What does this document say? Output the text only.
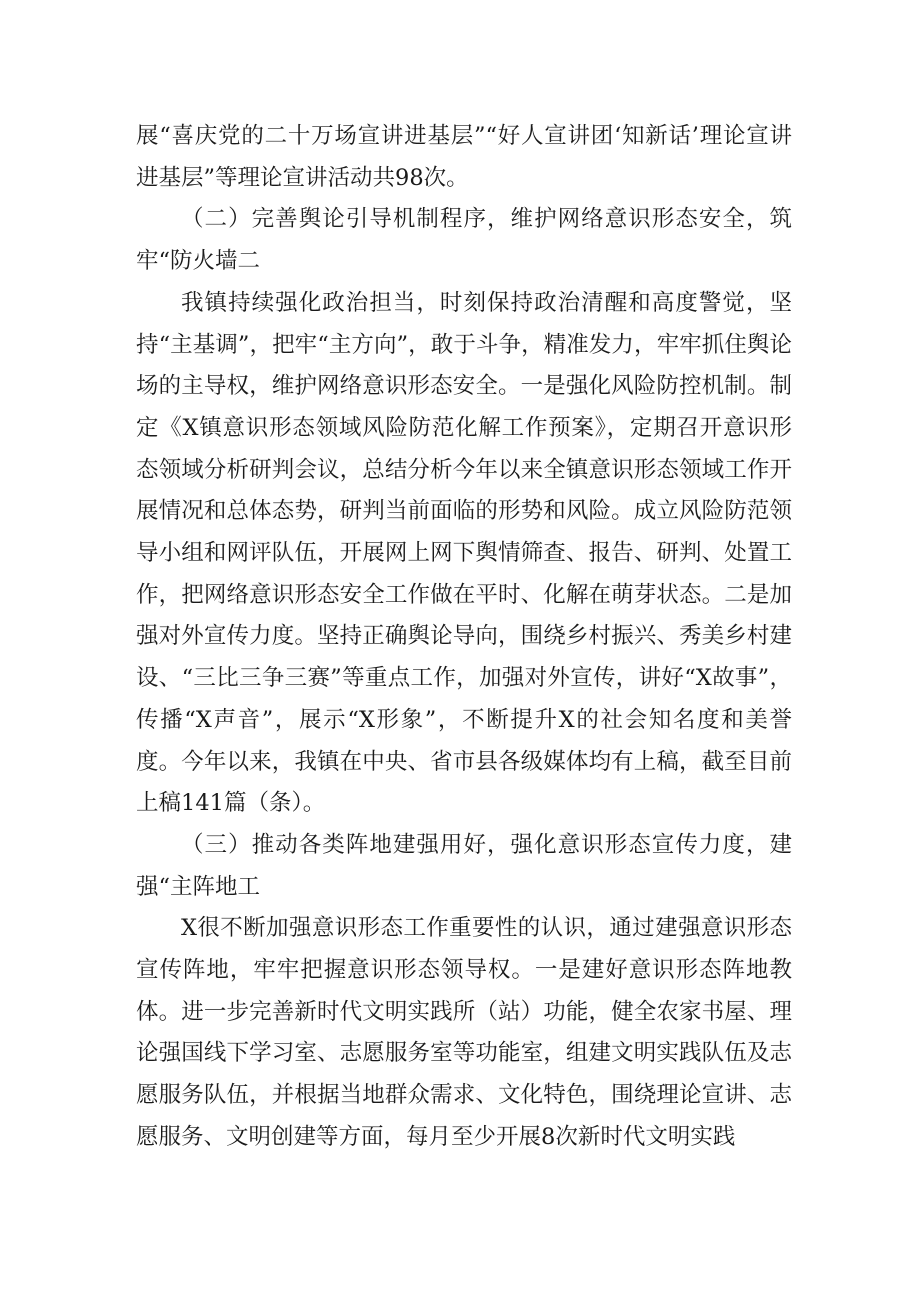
展“喜庆党的二十万场宣讲进基层”“好人宣讲团‘知新话’理论宣讲进基层”等理论宣讲活动共98次。

（二）完善舆论引导机制程序，维护网络意识形态安全，筑牢“防火墙二

我镇持续强化政治担当，时刻保持政治清醒和高度警觉，坚持“主基调”，把牢“主方向”，敢于斗争，精准发力，牢牢抓住舆论场的主导权，维护网络意识形态安全。一是强化风险防控机制。制定《X镇意识形态领域风险防范化解工作预案》，定期召开意识形态领域分析研判会议，总结分析今年以来全镇意识形态领域工作开展情况和总体态势，研判当前面临的形势和风险。成立风险防范领导小组和网评队伍，开展网上网下舆情筛查、报告、研判、处置工作，把网络意识形态安全工作做在平时、化解在萌芽状态。二是加强对外宣传力度。坚持正确舆论导向，围绕乡村振兴、秀美乡村建设、“三比三争三赛”等重点工作，加强对外宣传，讲好“X故事”，传播“X声音”，展示“X形象”，不断提升X的社会知名度和美誉度。今年以来，我镇在中央、省市县各级媒体均有上稿，截至目前上稿141篇（条）。

（三）推动各类阵地建强用好，强化意识形态宣传力度，建强“主阵地工

X很不断加强意识形态工作重要性的认识，通过建强意识形态宣传阵地，牢牢把握意识形态领导权。一是建好意识形态阵地教体。进一步完善新时代文明实践所（站）功能，健全农家书屋、理论强国线下学习室、志愿服务室等功能室，组建文明实践队伍及志愿服务队伍，并根据当地群众需求、文化特色，围绕理论宣讲、志愿服务、文明创建等方面，每月至少开展8次新时代文明实践
